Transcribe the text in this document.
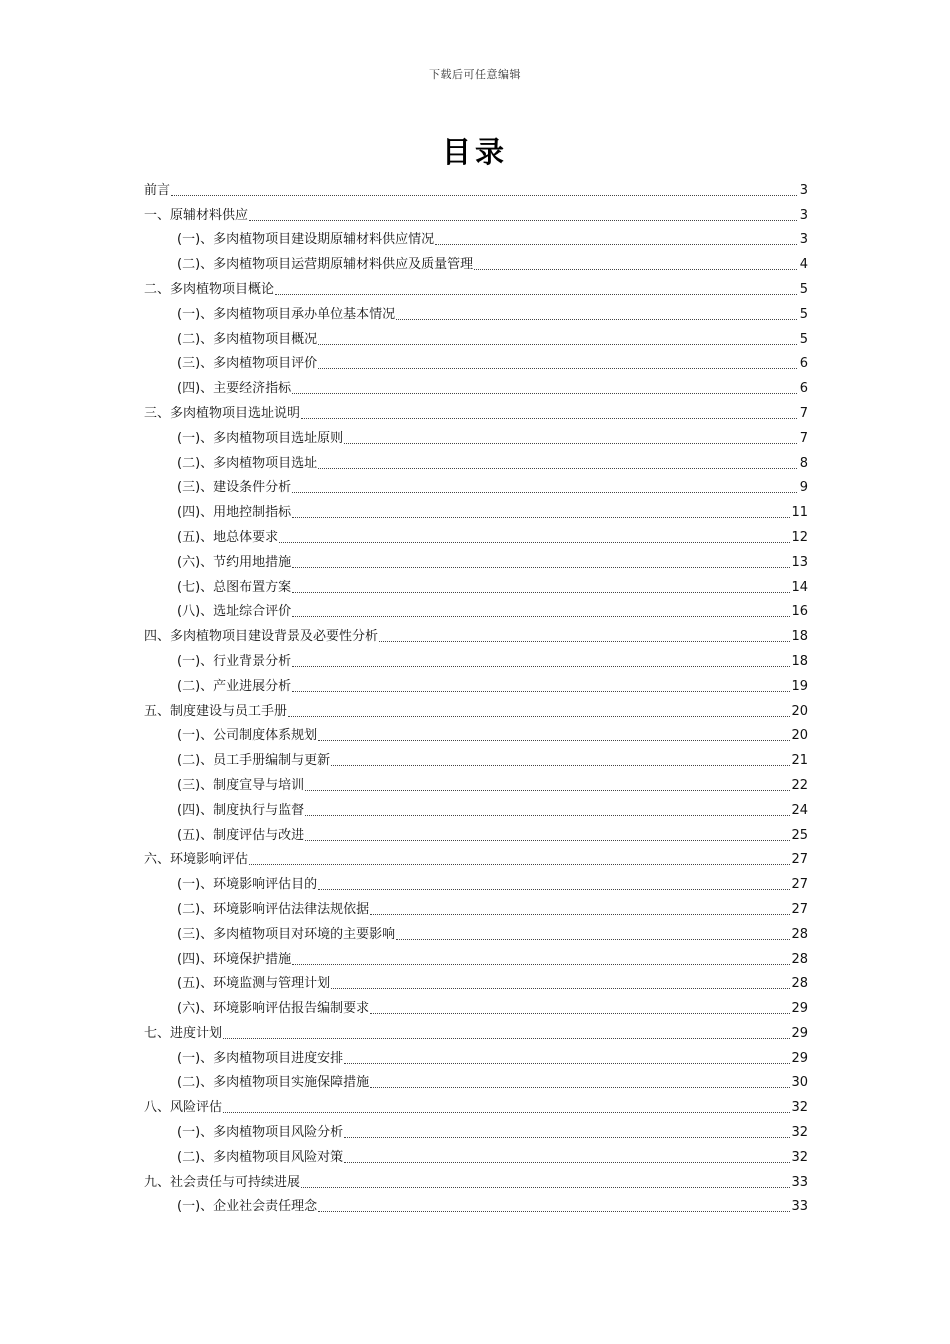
下载后可任意编辑
目录
前言	3
一、原辅材料供应	3
(一)、多肉植物项目建设期原辅材料供应情况	3
(二)、多肉植物项目运营期原辅材料供应及质量管理	4
二、多肉植物项目概论	5
(一)、多肉植物项目承办单位基本情况	5
(二)、多肉植物项目概况	5
(三)、多肉植物项目评价	6
(四)、主要经济指标	6
三、多肉植物项目选址说明	7
(一)、多肉植物项目选址原则	7
(二)、多肉植物项目选址	8
(三)、建设条件分析	9
(四)、用地控制指标	11
(五)、地总体要求	12
(六)、节约用地措施	13
(七)、总图布置方案	14
(八)、选址综合评价	16
四、多肉植物项目建设背景及必要性分析	18
(一)、行业背景分析	18
(二)、产业进展分析	19
五、制度建设与员工手册	20
(一)、公司制度体系规划	20
(二)、员工手册编制与更新	21
(三)、制度宣导与培训	22
(四)、制度执行与监督	24
(五)、制度评估与改进	25
六、环境影响评估	27
(一)、环境影响评估目的	27
(二)、环境影响评估法律法规依据	27
(三)、多肉植物项目对环境的主要影响	28
(四)、环境保护措施	28
(五)、环境监测与管理计划	28
(六)、环境影响评估报告编制要求	29
七、进度计划	29
(一)、多肉植物项目进度安排	29
(二)、多肉植物项目实施保障措施	30
八、风险评估	32
(一)、多肉植物项目风险分析	32
(二)、多肉植物项目风险对策	32
九、社会责任与可持续进展	33
(一)、企业社会责任理念	33
